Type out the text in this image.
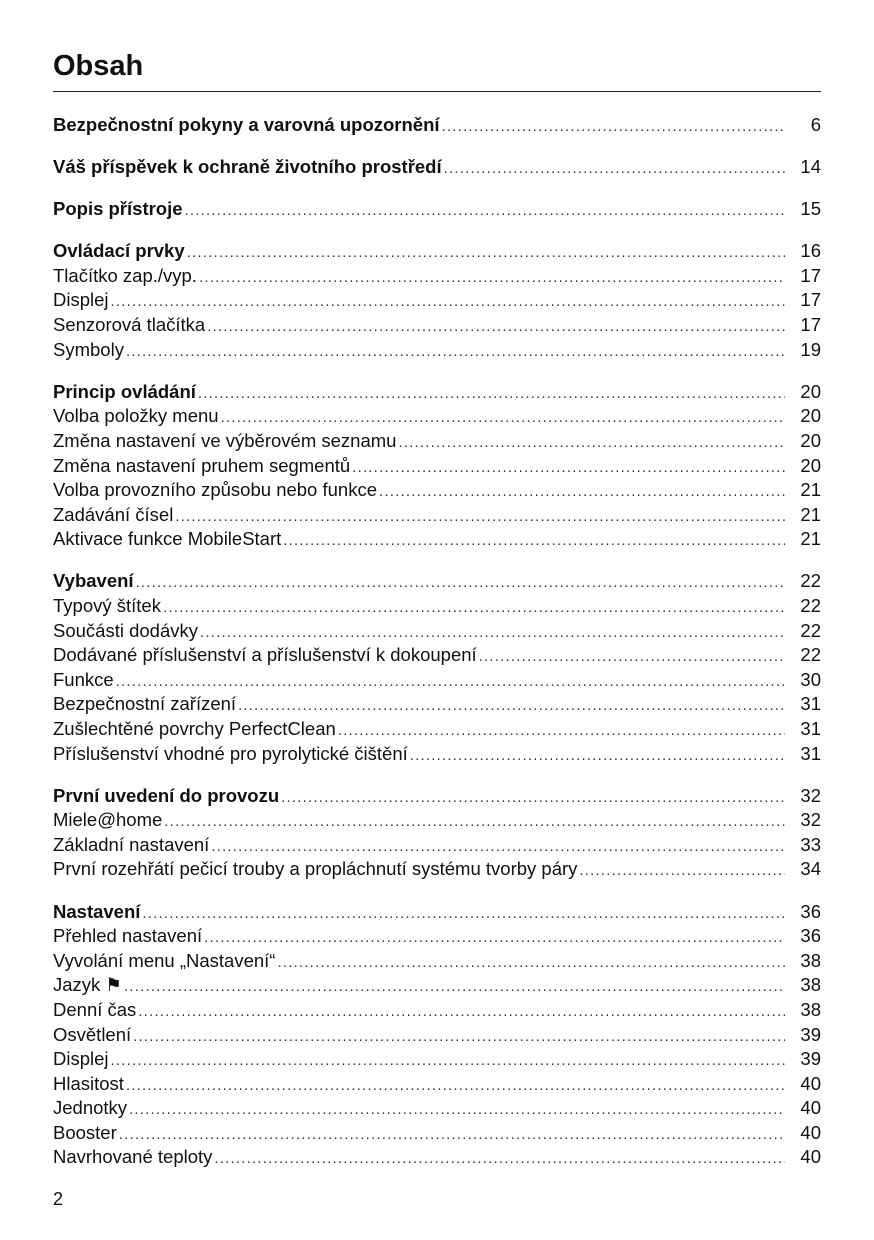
Obsah
Bezpečnostní pokyny a varovná upozornění .....	6
Váš příspěvek k ochraně životního prostředí .....	14
Popis přístroje .....	15
Ovládací prvky .....	16
Tlačítko zap./vyp. .....	17
Displej .....	17
Senzorová tlačítka .....	17
Symboly .....	19
Princip ovládání .....	20
Volba položky menu .....	20
Změna nastavení ve výběrovém seznamu .....	20
Změna nastavení pruhem segmentů .....	20
Volba provozního způsobu nebo funkce .....	21
Zadávání čísel .....	21
Aktivace funkce MobileStart .....	21
Vybavení .....	22
Typový štítek .....	22
Součásti dodávky .....	22
Dodávané příslušenství a příslušenství k dokoupení .....	22
Funkce .....	30
Bezpečnostní zařízení .....	31
Zušlechtěné povrchy PerfectClean .....	31
Příslušenství vhodné pro pyrolytické čištění .....	31
První uvedení do provozu .....	32
Miele@home .....	32
Základní nastavení .....	33
První rozehřátí pečicí trouby a propláchnutí systému tvorby páry .....	34
Nastavení .....	36
Přehled nastavení .....	36
Vyvolání menu „Nastavení“ .....	38
Jazyk ⚑ .....	38
Denní čas .....	38
Osvětlení .....	39
Displej .....	39
Hlasitost .....	40
Jednotky .....	40
Booster .....	40
Navrhované teploty .....	40
2
